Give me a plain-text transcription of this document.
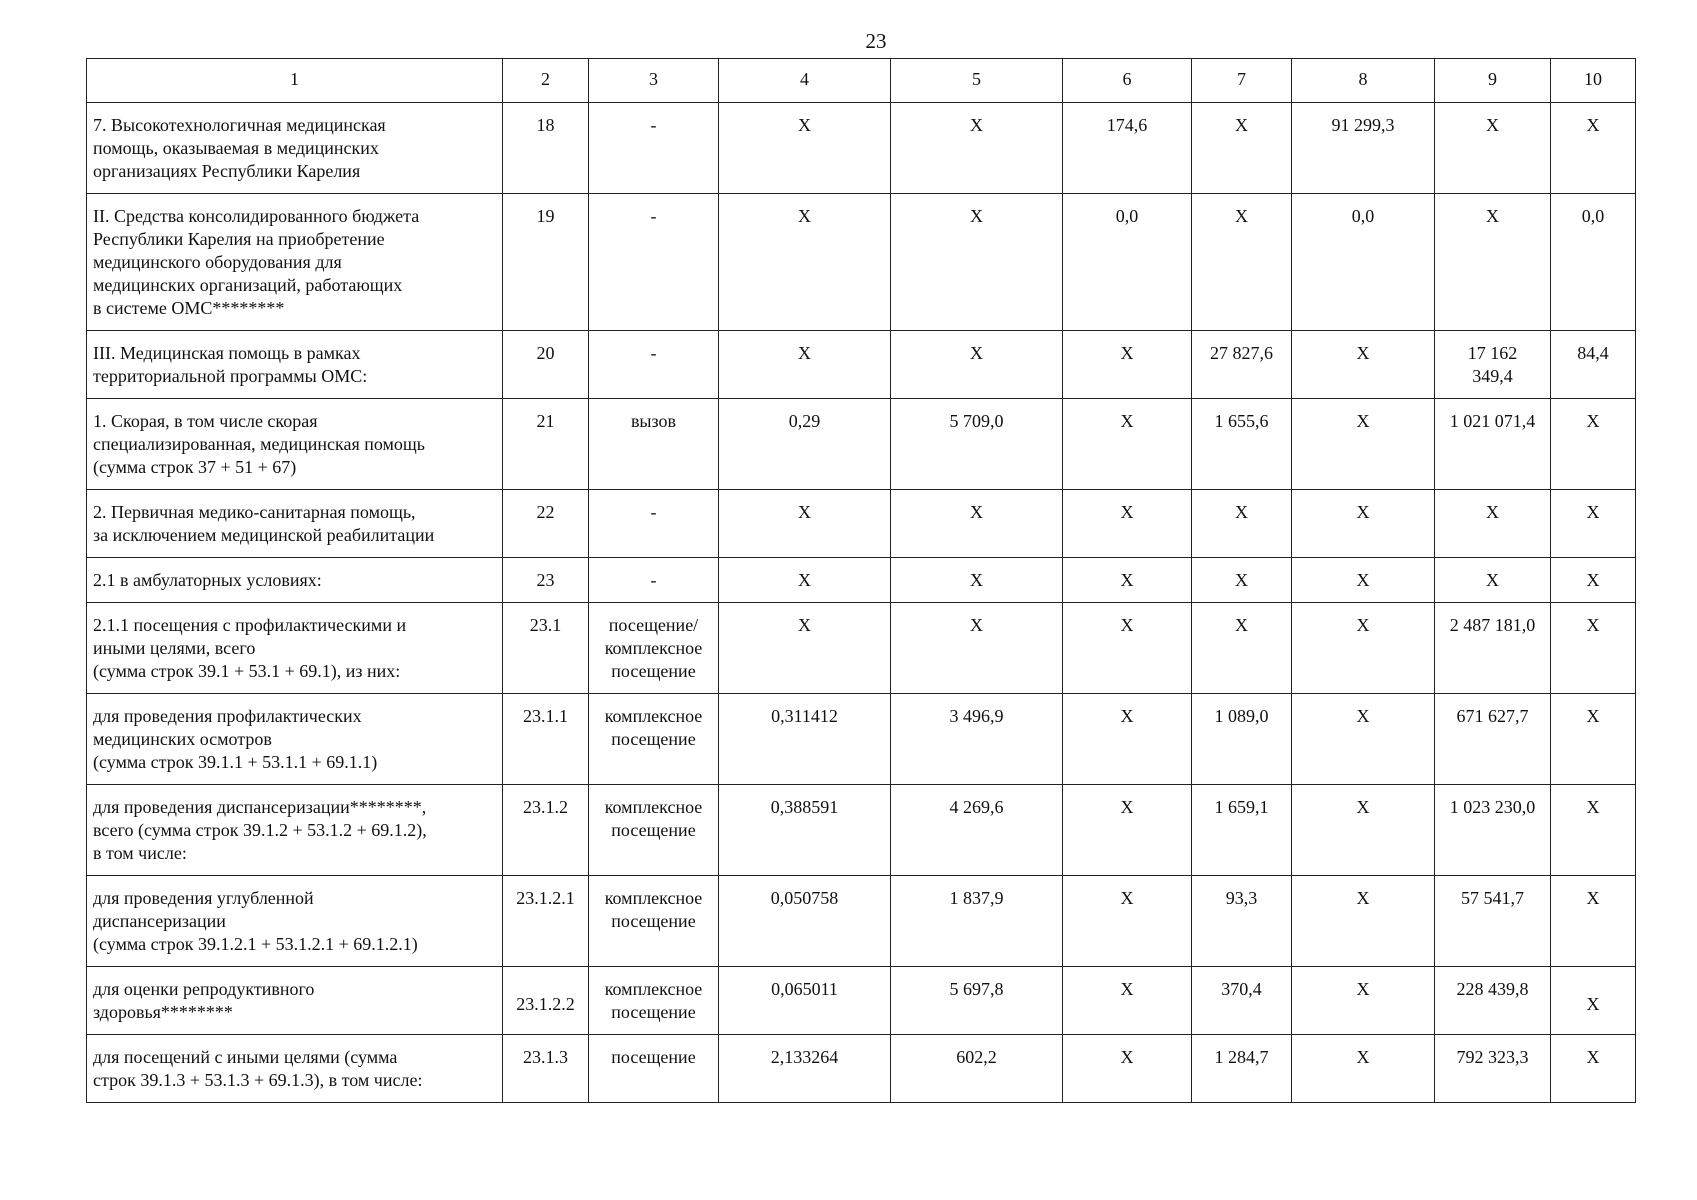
23
1	2	3	4	5	6	7	8	9	10
7. Высокотехнологичная медицинская
помощь, оказываемая в медицинских
организациях Республики Карелия	18	-	Х	Х	174,6	Х	91 299,3	Х	Х
II. Средства консолидированного бюджета
Республики Карелия на приобретение
медицинского оборудования для
медицинских организаций, работающих
в системе ОМС********	19	-	Х	Х	0,0	Х	0,0	Х	0,0
III. Медицинская помощь в рамках
территориальной программы ОМС:	20	-	Х	Х	Х	27 827,6	Х	17 162
349,4	84,4
1. Скорая, в том числе скорая
специализированная, медицинская помощь
(сумма строк 37 + 51 + 67)	21	вызов	0,29	5 709,0	Х	1 655,6	Х	1 021 071,4	Х
2. Первичная медико-санитарная помощь,
за исключением медицинской реабилитации	22	-	Х	Х	Х	Х	Х	Х	Х
2.1 в амбулаторных условиях:	23	-	Х	Х	Х	Х	Х	Х	Х
2.1.1 посещения с профилактическими и
иными целями, всего
(сумма строк 39.1 + 53.1 + 69.1), из них:	23.1	посещение/
комплексное
посещение	Х	Х	Х	Х	Х	2 487 181,0	Х
для проведения профилактических
медицинских осмотров
(сумма строк 39.1.1 + 53.1.1 + 69.1.1)	23.1.1	комплексное
посещение	0,311412	3 496,9	Х	1 089,0	Х	671 627,7	Х
для проведения диспансеризации********,
всего (сумма строк 39.1.2 + 53.1.2 + 69.1.2),
в том числе:	23.1.2	комплексное
посещение	0,388591	4 269,6	Х	1 659,1	Х	1 023 230,0	Х
для проведения углубленной
диспансеризации
(сумма строк 39.1.2.1 + 53.1.2.1 + 69.1.2.1)	23.1.2.1	комплексное
посещение	0,050758	1 837,9	Х	93,3	Х	57 541,7	Х
для оценки репродуктивного
здоровья********	23.1.2.2	комплексное
посещение	0,065011	5 697,8	Х	370,4	Х	228 439,8	Х
для посещений с иными целями (сумма
строк 39.1.3 + 53.1.3 + 69.1.3), в том числе:	23.1.3	посещение	2,133264	602,2	Х	1 284,7	Х	792 323,3	Х
